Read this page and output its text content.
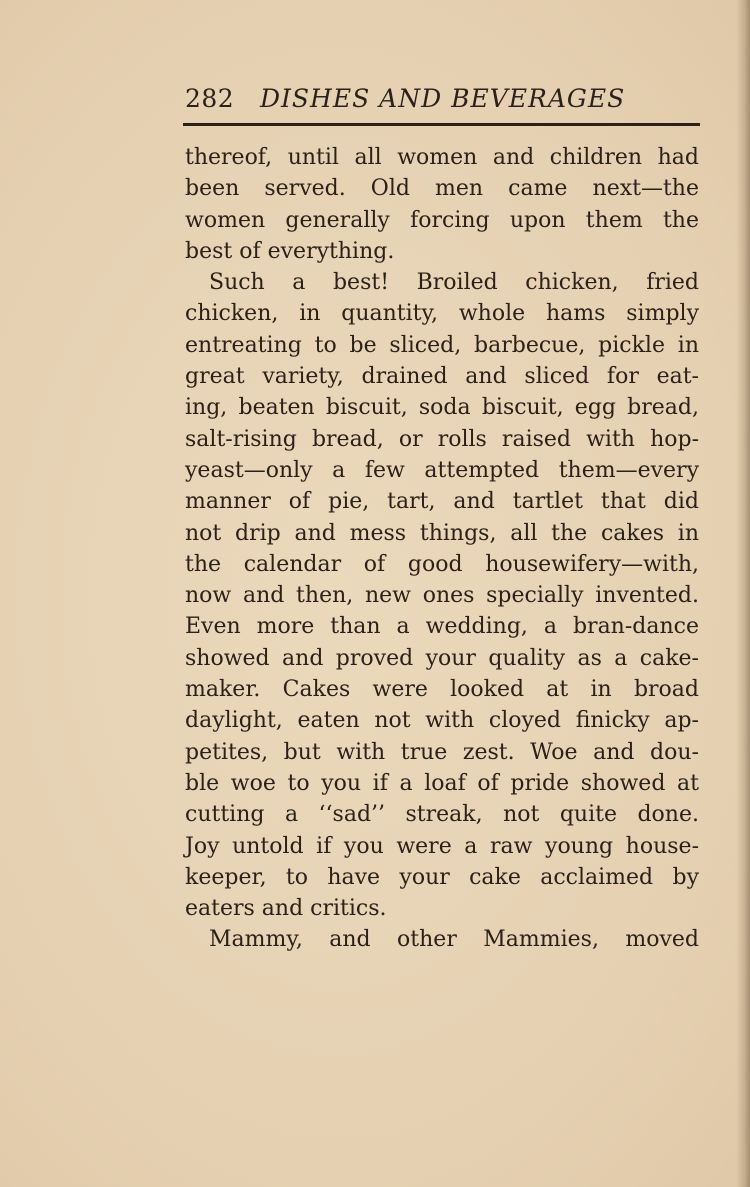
282 DISHES AND BEVERAGES
thereof, until all women and children had
been served. Old men came next—the
women generally forcing upon them the
best of everything.
Such a best! Broiled chicken, fried
chicken, in quantity, whole hams simply
entreating to be sliced, barbecue, pickle in
great variety, drained and sliced for eat-
ing, beaten biscuit, soda biscuit, egg bread,
salt-rising bread, or rolls raised with hop-
yeast—only a few attempted them—every
manner of pie, tart, and tartlet that did
not drip and mess things, all the cakes in
the calendar of good housewifery—with,
now and then, new ones specially invented.
Even more than a wedding, a bran-dance
showed and proved your quality as a cake-
maker. Cakes were looked at in broad
daylight, eaten not with cloyed finicky ap-
petites, but with true zest. Woe and dou-
ble woe to you if a loaf of pride showed at
cutting a ‘‘sad’’ streak, not quite done.
Joy untold if you were a raw young house-
keeper, to have your cake acclaimed by
eaters and critics.
Mammy, and other Mammies, moved
